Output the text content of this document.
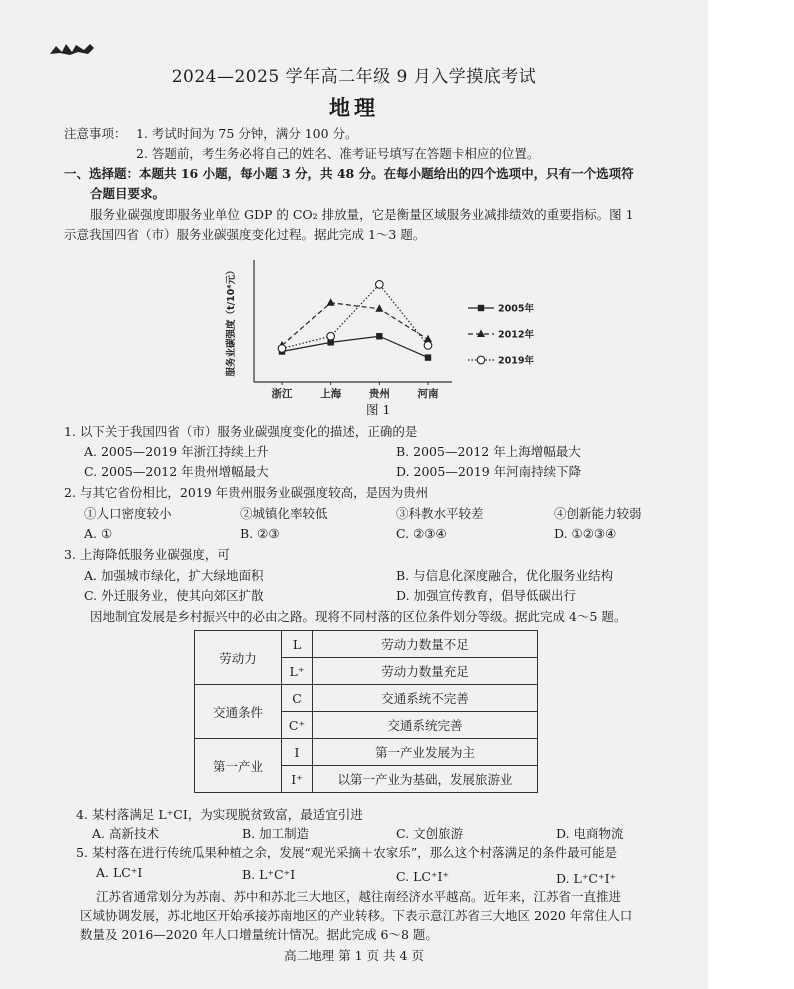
2024—2025 学年高二年级 9 月入学摸底考试
地理
注意事项： 1. 考试时间为 75 分钟，满分 100 分。
2. 答题前，考生务必将自己的姓名、准考证号填写在答题卡相应的位置。
一、选择题：本题共 16 小题，每小题 3 分，共 48 分。在每小题给出的四个选项中，只有一个选项符
合题目要求。
服务业碳强度即服务业单位 GDP 的 CO₂ 排放量，它是衡量区域服务业减排绩效的重要指标。图 1
示意我国四省（市）服务业碳强度变化过程。据此完成 1～3 题。
浙江	上海	贵州	河南
服务业碳强度（t/10⁴元）	2005年
2012年
2019年
图 1
1. 以下关于我国四省（市）服务业碳强度变化的描述，正确的是
A. 2005—2019 年浙江持续上升	B. 2005—2012 年上海增幅最大
C. 2005—2012 年贵州增幅最大	D. 2005—2019 年河南持续下降
2. 与其它省份相比，2019 年贵州服务业碳强度较高，是因为贵州
①人口密度较小	②城镇化率较低	③科教水平较差	④创新能力较弱
A. ①	B. ②③	C. ②③④	D. ①②③④
3. 上海降低服务业碳强度，可
A. 加强城市绿化，扩大绿地面积	B. 与信息化深度融合，优化服务业结构
C. 外迁服务业，使其向郊区扩散	D. 加强宣传教育，倡导低碳出行
因地制宜发展是乡村振兴中的必由之路。现将不同村落的区位条件划分等级。据此完成 4～5 题。
劳动力	L	劳动力数量不足
	L⁺	劳动力数量充足
交通条件	C	交通系统不完善
	C⁺	交通系统完善
第一产业	I	第一产业发展为主
	I⁺	以第一产业为基础，发展旅游业
4. 某村落满足 L⁺CI，为实现脱贫致富，最适宜引进
A. 高新技术	B. 加工制造	C. 文创旅游	D. 电商物流
5. 某村落在进行传统瓜果种植之余，发展“观光采摘＋农家乐”，那么这个村落满足的条件最可能是
A. LC⁺I	B. L⁺C⁺I	C. LC⁺I⁺	D. L⁺C⁺I⁺
江苏省通常划分为苏南、苏中和苏北三大地区，越往南经济水平越高。近年来，江苏省一直推进
区域协调发展，苏北地区开始承接苏南地区的产业转移。下表示意江苏省三大地区 2020 年常住人口
数量及 2016—2020 年人口增量统计情况。据此完成 6～8 题。
高二地理 第 1 页 共 4 页
